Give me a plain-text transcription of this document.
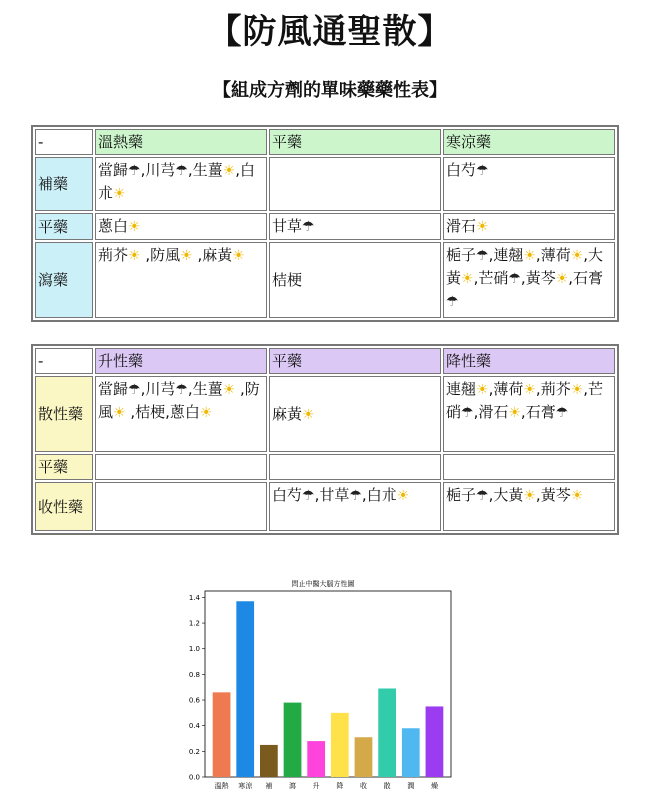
【防風通聖散】
【組成方劑的單味藥藥性表】
-	溫熱藥	平藥	寒涼藥
補藥	當歸☂,川芎☂,生薑☀,白朮☀		白芍☂
平藥	蔥白☀	甘草☂	滑石☀
瀉藥	荊芥☀ ,防風☀ ,麻黃☀	桔梗	梔子☂,連翹☀,薄荷☀,大黃☀,芒硝☂,黃芩☀,石膏☂
-	升性藥	平藥	降性藥
散性藥	當歸☂,川芎☂,生薑☀ ,防風☀ ,桔梗,蔥白☀	麻黃☀	連翹☀,薄荷☀,荊芥☀,芒硝☂,滑石☀,石膏☂
平藥			
收性藥		白芍☂,甘草☂,白朮☀	梔子☂,大黃☀,黃芩☀
問止中醫大腦方性圖
0.0
0.2
0.4
0.6
0.8
1.0
1.2
1.4
溫熱 寒涼 補 瀉 升 降 收 散 潤 燥
